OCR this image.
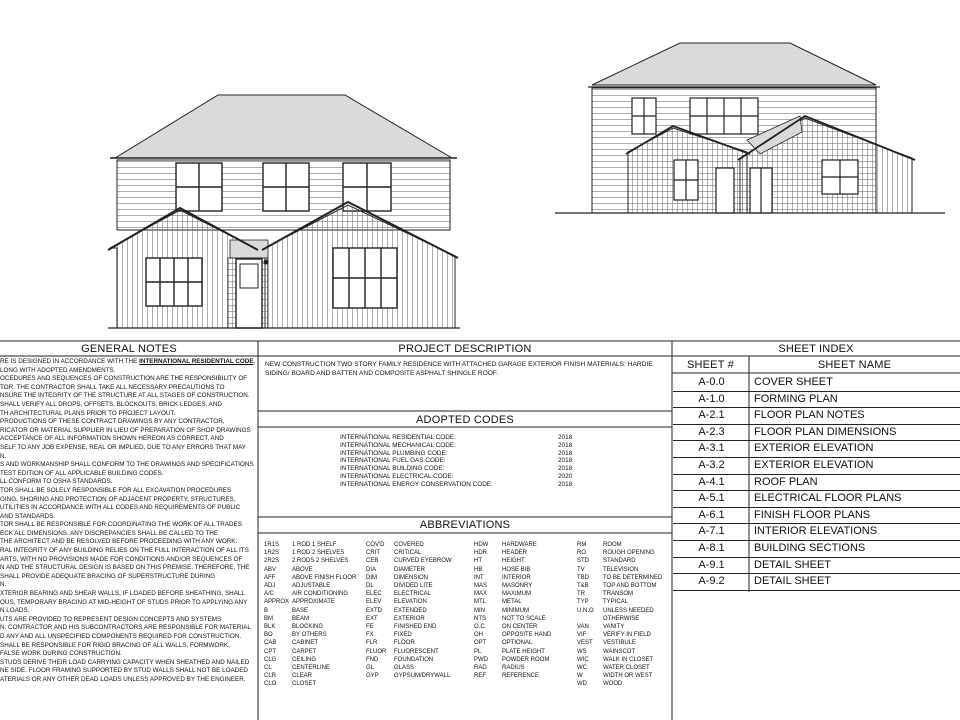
GENERAL NOTES
RE IS DESIGNED IN ACCORDANCE WITH THE INTERNATIONAL RESIDENTIAL CODE,
LONG WITH ADOPTED AMENDMENTS.
OCEDURES AND SEQUENCES OF CONSTRUCTION ARE THE RESPONSIBILITY OF
TOR. THE CONTRACTOR SHALL TAKE ALL NECESSARY PRECAUTIONS TO
NSURE THE INTEGRITY OF THE STRUCTURE AT ALL STAGES OF CONSTRUCTION.
SHALL VERIFY ALL DROPS, OFFSETS, BLOCKOUTS, BRICK LEDGES, AND
TH ARCHITECTURAL PLANS PRIOR TO PROJECT LAYOUT.
PRODUCTIONS OF THESE CONTRACT DRAWINGS BY ANY CONTRACTOR,
RICATOR OR MATERIAL SUPPLIER IN LIEU OF PREPARATION OF SHOP DRAWINGS
ACCEPTANCE OF ALL INFORMATION SHOWN HEREON AS CORRECT, AND
SELF TO ANY JOB EXPENSE, REAL OR IMPLIED, DUE TO ANY ERRORS THAT MAY
N.
S AND WORKMANSHIP SHALL CONFORM TO THE DRAWINGS AND SPECIFICATIONS
TEST EDITION OF ALL APPLICABLE BUILDING CODES.
LL CONFORM TO OSHA STANDARDS.
TOR SHALL BE SOLELY RESPONSIBLE FOR ALL EXCAVATION PROCEDURES
GING, SHORING AND PROTECTION OF ADJACENT PROPERTY, STRUCTURES,
UTILITIES IN ACCORDANCE WITH ALL CODES AND REQUIREMENTS OF PUBLIC
AND STANDARDS.
TOR SHALL BE RESPONSIBLE FOR COORDINATING THE WORK OF ALL TRADES
ECK ALL DIMENSIONS. ANY DISCREPANCIES SHALL BE CALLED TO THE
THE ARCHITECT AND BE RESOLVED BEFORE PROCEEDING WITH ANY WORK.
RAL INTEGRITY OF ANY BUILDING RELIES ON THE FULL INTERACTION OF ALL ITS
ARTS, WITH NO PROVISIONS MADE FOR CONDITIONS AND/OR SEQUENCES OF
N AND THE STRUCTURAL DESIGN IS BASED ON THIS PREMISE. THEREFORE, THE
SHALL PROVIDE ADEQUATE BRACING OF SUPERSTRUCTURE DURING
N.
XTERIOR BEARING AND SHEAR WALLS, IF LOADED BEFORE SHEATHING, SHALL
OUS, TEMPORARY BRACING AT MID-HEIGHT OF STUDS PRIOR TO APPLYING ANY
N LOADS.
UTS ARE PROVIDED TO REPRESENT DESIGN CONCEPTS AND SYSTEMS
N. CONTRACTOR AND HIS SUBCONTRACTORS ARE RESPONSIBLE FOR MATERIAL
D ANY AND ALL UNSPECIFIED COMPONENTS REQUIRED FOR CONSTRUCTION.
SHALL BE RESPONSIBLE FOR RIGID BRACING OF ALL WALLS, FORMWORK,
FALSE WORK DURING CONSTRUCTION.
STUDS DERIVE THEIR LOAD CARRYING CAPACITY WHEN SHEATHED AND NAILED
NE SIDE. FLOOR FRAMING SUPPORTED BY STUD WALLS SHALL NOT BE LOADED
ATERIALS OR ANY OTHER DEAD LOADS UNLESS APPROVED BY THE ENGINEER.
PROJECT DESCRIPTION
NEW CONSTRUCTION TWO STORY FAMILY RESIDENCE WITH ATTACHED GARAGE EXTERIOR FINISH MATERIALS: HARDIE
SIDING/ BOARD AND BATTEN AND COMPOSITE ASPHALT SHINGLE ROOF.
ADOPTED CODES
INTERNATIONAL RESIDENTIAL CODE:	2018
INTERNATIONAL MECHANICAL CODE:	2018
INTERNATIONAL PLUMBING CODE:	2018
INTERNATIONAL FUEL GAS CODE:	2018
INTERNATIONAL BUILDING CODE:	2018
INTERNATIONAL ELECTRICAL CODE:	2020
INTERNATIONAL ENERGY CONSERVATION CODE:	2018
ABBREVIATIONS
1R1S	1 ROD 1 SHELF
1R2S	1 ROD 2 SHELVES
2R2S	2 RODS 2 SHELVES
ABV	ABOVE
AFF	ABOVE FINISH FLOOR
ADJ	ADJUSTABLE
A/C	AIR CONDITIONING
APPROX APPROXIMATE
B	BASE
BM	BEAM
BLK	BLOCKING
BO	BY OTHERS
CAB	CABINET
CPT	CARPET
CLG	CEILING
CL	CENTERLINE
CLR	CLEAR
CLO	CLOSET
COV'D	COVERED
CRIT	CRITICAL
CEB	CURVED EYEBROW
DIA	DIAMETER
DIM	DIMENSION
DL	DIVIDED LITE
ELEC	ELECTRICAL
ELEV	ELEVATION
EXTD	EXTENDED
EXT	EXTERIOR
FE	FINISHED END
FX	FIXED
FLR	FLOOR
FLUOR	FLUORESCENT
FND	FOUNDATION
GL	GLASS
GYP	GYPSUM/DRYWALL
HDW	HARDWARE
HDR	HEADER
HT	HEIGHT
HB	HOSE BIB
INT	INTERIOR
MAS	MASONRY
MAX	MAXIMUM
MTL	METAL
MIN	MINIMUM
NTS	NOT TO SCALE
O.C.	ON CENTER
OH	OPPOSITE HAND
OPT	OPTIONAL
PL	PLATE HEIGHT
PWD	POWDER ROOM
RAD	RADIUS
REF	REFERENCE
RM	ROOM
RO	ROUGH OPENING
STD	STANDARD
TV	TELEVISION
TBD	TO BE DETERMINED
T&B	TOP AND BOTTOM
TR	TRANSOM
TYP	TYPICAL
U.N.O	UNLESS NEEDED
OTHERWISE
VAN	VANITY
VIF	VERIFY IN FIELD
VEST	VESTIBULE
WS	WAINSCOT
WIC	WALK IN CLOSET
WC	WATER CLOSET
W	WIDTH OR WEST
WD	WOOD
SHEET INDEX
SHEET #	SHEET NAME
A-0.0	COVER SHEET
A-1.0	FORMING PLAN
A-2.1	FLOOR PLAN NOTES
A-2.3	FLOOR PLAN DIMENSIONS
A-3.1	EXTERIOR ELEVATION
A-3.2	EXTERIOR ELEVATION
A-4.1	ROOF PLAN
A-5.1	ELECTRICAL FLOOR PLANS
A-6.1	FINISH FLOOR PLANS
A-7.1	INTERIOR ELEVATIONS
A-8.1	BUILDING SECTIONS
A-9.1	DETAIL SHEET
A-9.2	DETAIL SHEET
